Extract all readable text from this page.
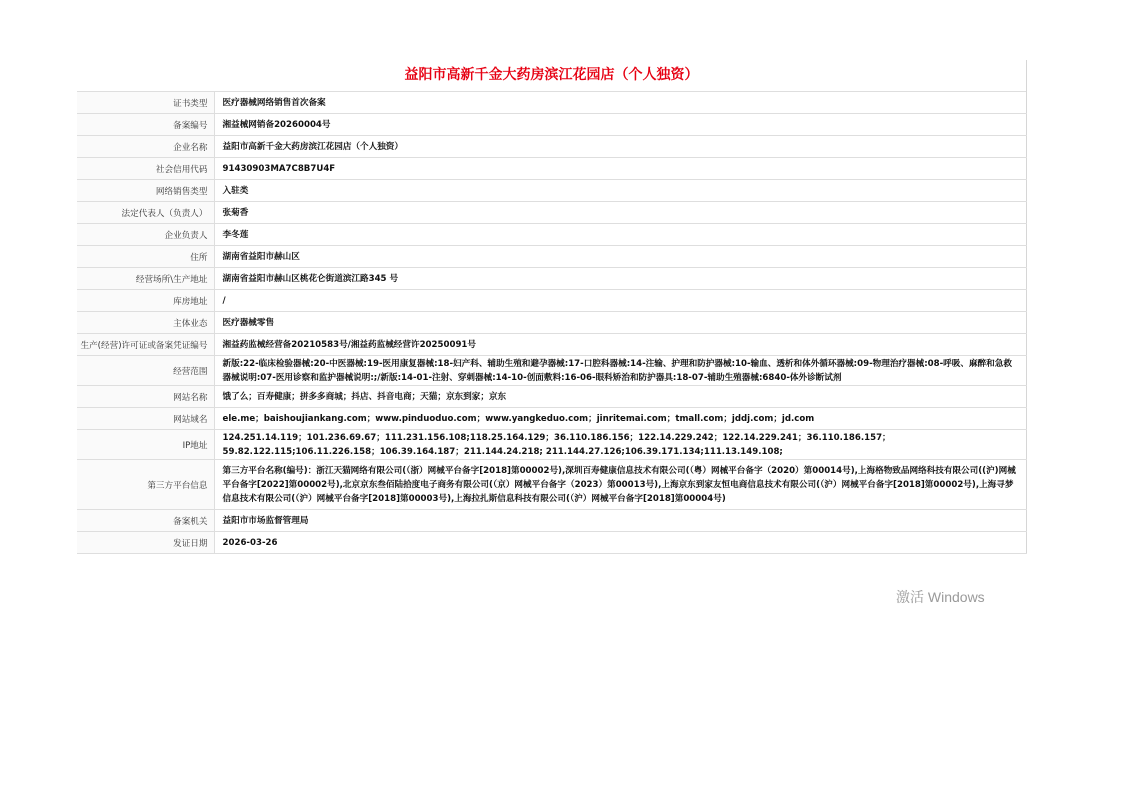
益阳市高新千金大药房滨江花园店（个人独资）
证书类型	医疗器械网络销售首次备案
备案编号	湘益械网销备20260004号
企业名称	益阳市高新千金大药房滨江花园店（个人独资）
社会信用代码	91430903MA7C8B7U4F
网络销售类型	入驻类
法定代表人（负责人）	张菊香
企业负责人	李冬莲
住所	湖南省益阳市赫山区
经营场所\生产地址	湖南省益阳市赫山区桃花仑街道滨江路345 号
库房地址	/
主体业态	医疗器械零售
生产(经营)许可证或备案凭证编号	湘益药监械经营备20210583号/湘益药监械经营许20250091号
经营范围	新版:22-临床检验器械:20-中医器械:19-医用康复器械:18-妇产科、辅助生殖和避孕器械:17-口腔科器械:14-注输、护理和防护器械:10-输血、透析和体外循环器械:09-物理治疗器械:08-呼吸、麻醉和急救器械说明:07-医用诊察和监护器械说明:;/新版:14-01-注射、穿刺器械:14-10-创面敷料:16-06-眼科矫治和防护器具:18-07-辅助生殖器械:6840-体外诊断试剂
网站名称	饿了么；百寿健康；拼多多商城；抖店、抖音电商；天猫；京东到家；京东
网站域名	ele.me；baishoujiankang.com；www.pinduoduo.com；www.yangkeduo.com；jinritemai.com；tmall.com；jddj.com；jd.com
IP地址	124.251.14.119；101.236.69.67；111.231.156.108;118.25.164.129；36.110.186.156；122.14.229.242；122.14.229.241；36.110.186.157；59.82.122.115;106.11.226.158；106.39.164.187；211.144.24.218; 211.144.27.126;106.39.171.134;111.13.149.108;
第三方平台信息	第三方平台名称(编号)：浙江天猫网络有限公司(（浙）网械平台备字[2018]第00002号),深圳百寿健康信息技术有限公司(（粤）网械平台备字（2020）第00014号),上海格物致品网络科技有限公司((沪)网械平台备字[2022]第00002号),北京京东叁佰陆拾度电子商务有限公司(（京）网械平台备字（2023）第00013号),上海京东到家友恒电商信息技术有限公司(（沪）网械平台备字[2018]第00002号),上海寻梦信息技术有限公司(（沪）网械平台备字[2018]第00003号),上海拉扎斯信息科技有限公司(（沪）网械平台备字[2018]第00004号)
备案机关	益阳市市场监督管理局
发证日期	2026-03-26
激活 Windows
